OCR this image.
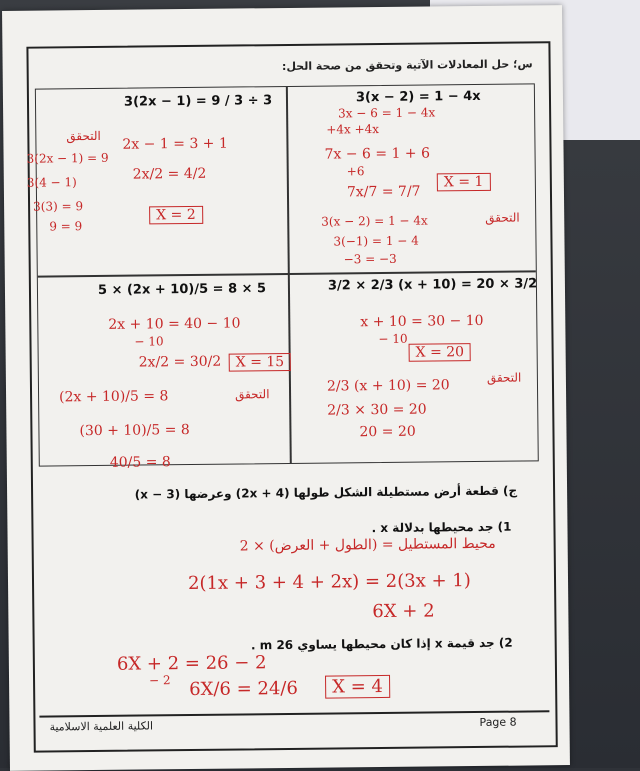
س؛ حل المعادلات الآتية وتحقق من صحة الحل:
3(2x − 1) = 9 / 3 ÷ 3
2x − 1 = 3 + 1
2x/2 = 4/2
X = 2
التحقق
3(2x − 1) = 9
3(4 − 1)
3(3) = 9
9 = 9
3(x − 2) = 1 − 4x
3x − 6 = 1 − 4x
+4x +4x
7x − 6 = 1 + 6
+6
7x/7 = 7/7
X = 1
التحقق
3(x − 2) = 1 − 4x
3(−1) = 1 − 4
−3 = −3
5 × (2x + 10)/5 = 8 × 5
2x + 10 = 40 − 10
− 10
2x/2 = 30/2	X = 15
التحقق
(2x + 10)/5 = 8
(30 + 10)/5 = 8
40/5 = 8
3/2 × 2/3 (x + 10) = 20 × 3/2
x + 10 = 30 − 10
− 10
X = 20
التحقق
2/3 (x + 10) = 20
2/3 × 30 = 20
20 = 20
ج) قطعة أرض مستطيلة الشكل طولها (4 + 2x) وعرضها (x − 3)
1) جد محيطها بدلالة x .
محيط المستطيل = (الطول + العرض) × 2
2(1x + 3 + 4 + 2x) = 2(3x + 1)
6X + 2
2) جد قيمة x إذا كان محيطها يساوي 26 m .
6X + 2 = 26 − 2
− 2 6X/6 = 24/6	X = 4
الكلية العلمية الاسلامية	Page 8
